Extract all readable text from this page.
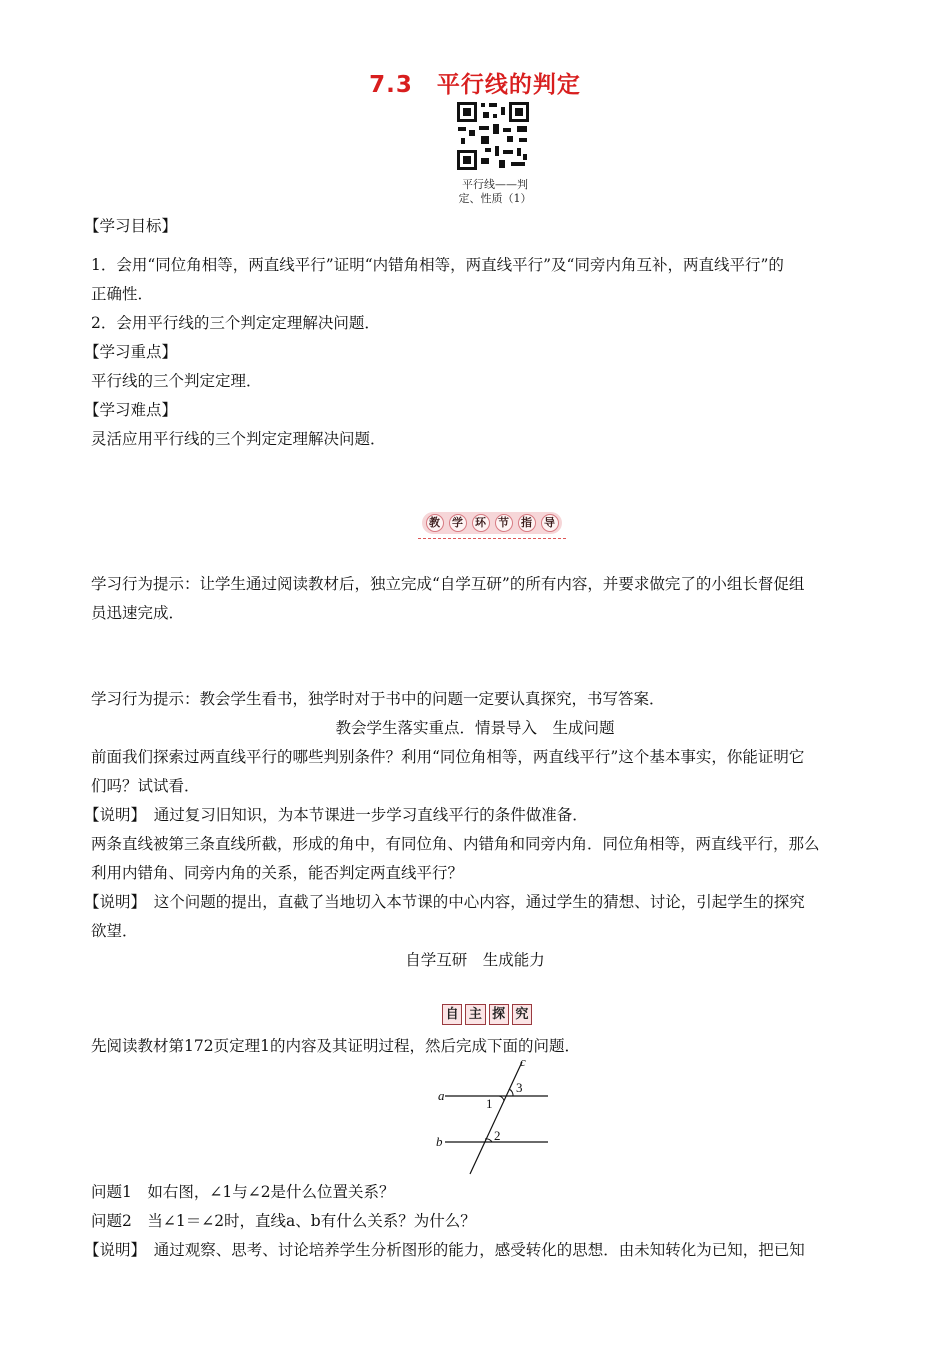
7.3　平行线的判定
平行线——判
定、性质（1）
【学习目标】
1．会用“同位角相等，两直线平行”证明“内错角相等，两直线平行”及“同旁内角互补，两直线平行”的
正确性．
2．会用平行线的三个判定定理解决问题．
【学习重点】
平行线的三个判定定理．
【学习难点】
灵活应用平行线的三个判定定理解决问题．
教	学	环	节	指	导
学习行为提示：让学生通过阅读教材后，独立完成“自学互研”的所有内容，并要求做完了的小组长督促组
员迅速完成．
学习行为提示：教会学生看书，独学时对于书中的问题一定要认真探究，书写答案．
教会学生落实重点．情景导入　生成问题
前面我们探索过两直线平行的哪些判别条件？利用“同位角相等，两直线平行”这个基本事实，你能证明它
们吗？试试看．
【说明】　通过复习旧知识，为本节课进一步学习直线平行的条件做准备．
两条直线被第三条直线所截，形成的角中，有同位角、内错角和同旁内角．同位角相等，两直线平行，那么
利用内错角、同旁内角的关系，能否判定两直线平行？
【说明】　这个问题的提出，直截了当地切入本节课的中心内容，通过学生的猜想、讨论，引起学生的探究
欲望．
自学互研　生成能力
自 主 探 究
先阅读教材第172页定理1的内容及其证明过程，然后完成下面的问题．
a
b
c
1
2
3
问题1　如右图，∠1与∠2是什么位置关系？
问题2　当∠1＝∠2时，直线a、b有什么关系？为什么？
【说明】　通过观察、思考、讨论培养学生分析图形的能力，感受转化的思想．由未知转化为已知，把已知
